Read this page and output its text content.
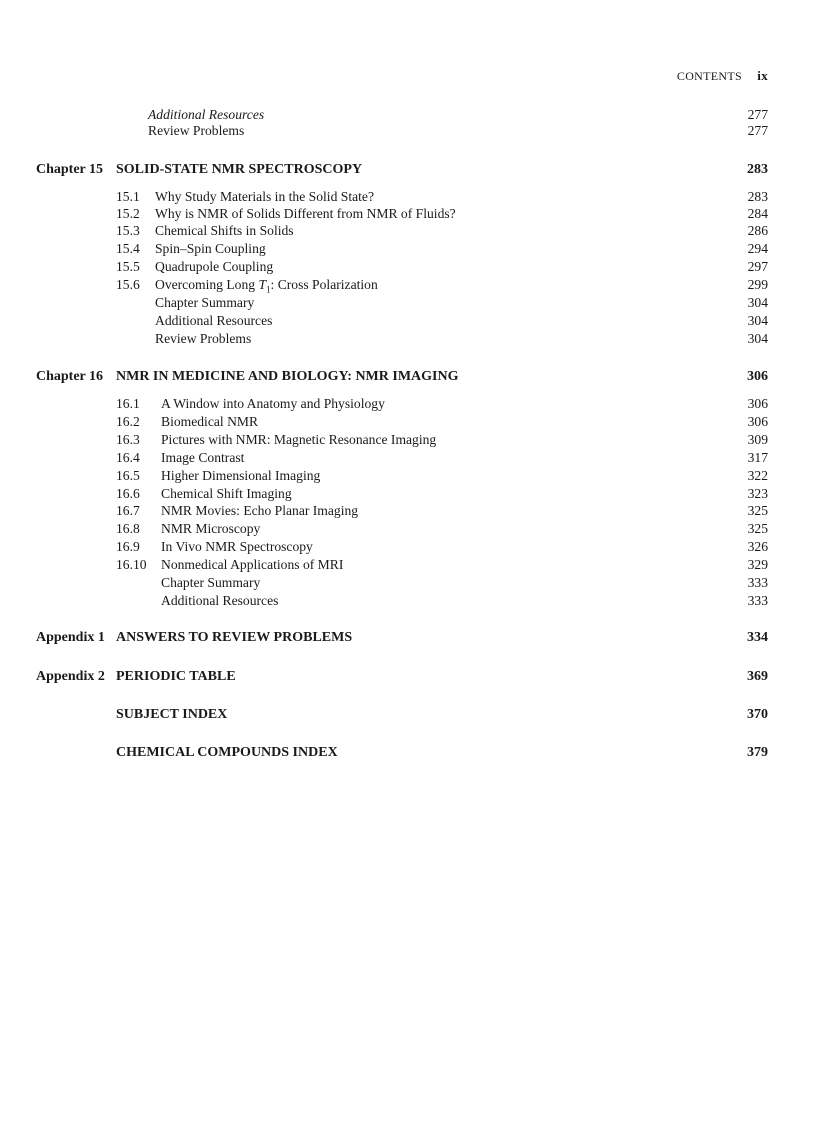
CONTENTS ix
Additional Resources	277
Review Problems	277
Chapter 15 SOLID-STATE NMR SPECTROSCOPY	283
15.1 Why Study Materials in the Solid State?	283
15.2 Why is NMR of Solids Different from NMR of Fluids?	284
15.3 Chemical Shifts in Solids	286
15.4 Spin–Spin Coupling	294
15.5 Quadrupole Coupling	297
15.6 Overcoming Long $T_1$: Cross Polarization	299
Chapter Summary	304
Additional Resources	304
Review Problems	304
Chapter 16 NMR IN MEDICINE AND BIOLOGY: NMR IMAGING	306
16.1 A Window into Anatomy and Physiology	306
16.2 Biomedical NMR	306
16.3 Pictures with NMR: Magnetic Resonance Imaging	309
16.4 Image Contrast	317
16.5 Higher Dimensional Imaging	322
16.6 Chemical Shift Imaging	323
16.7 NMR Movies: Echo Planar Imaging	325
16.8 NMR Microscopy	325
16.9 In Vivo NMR Spectroscopy	326
16.10 Nonmedical Applications of MRI	329
Chapter Summary	333
Additional Resources	333
Appendix 1 ANSWERS TO REVIEW PROBLEMS	334
Appendix 2 PERIODIC TABLE	369
SUBJECT INDEX	370
CHEMICAL COMPOUNDS INDEX	379
